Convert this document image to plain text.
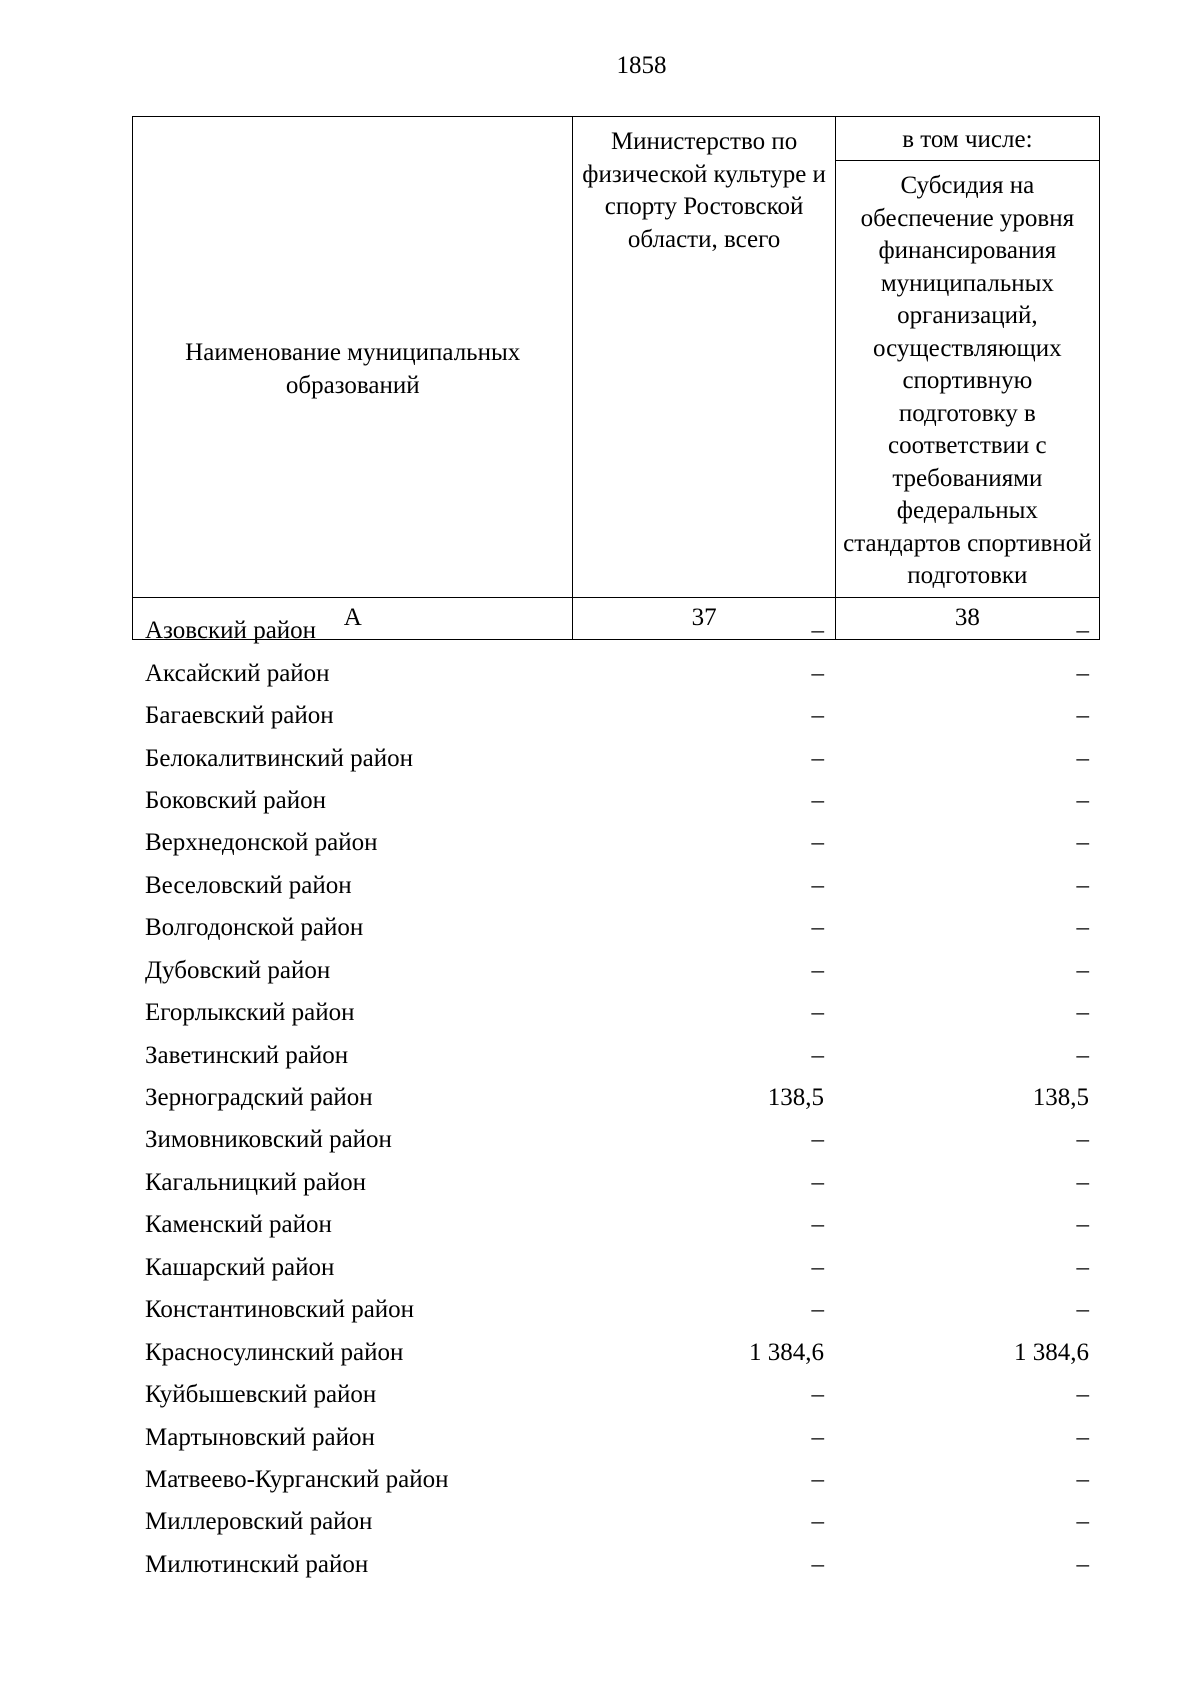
1858
Наименование муниципальных образований	Министерство по физической культуре и спорту Ростовской области, всего	в том числе:
		Субсидия на обеспечение уровня финансирования муниципальных организаций, осуществляющих спортивную подготовку в соответствии с требованиями федеральных стандартов спортивной подготовки
А	37	38
Азовский район	–	–
Аксайский район	–	–
Багаевский район	–	–
Белокалитвинский район	–	–
Боковский район	–	–
Верхнедонской район	–	–
Веселовский район	–	–
Волгодонской район	–	–
Дубовский район	–	–
Егорлыкский район	–	–
Заветинский район	–	–
Зерноградский район	138,5	138,5
Зимовниковский район	–	–
Кагальницкий район	–	–
Каменский район	–	–
Кашарский район	–	–
Константиновский район	–	–
Красносулинский район	1 384,6	1 384,6
Куйбышевский район	–	–
Мартыновский район	–	–
Матвеево-Курганский район	–	–
Миллеровский район	–	–
Милютинский район	–	–
